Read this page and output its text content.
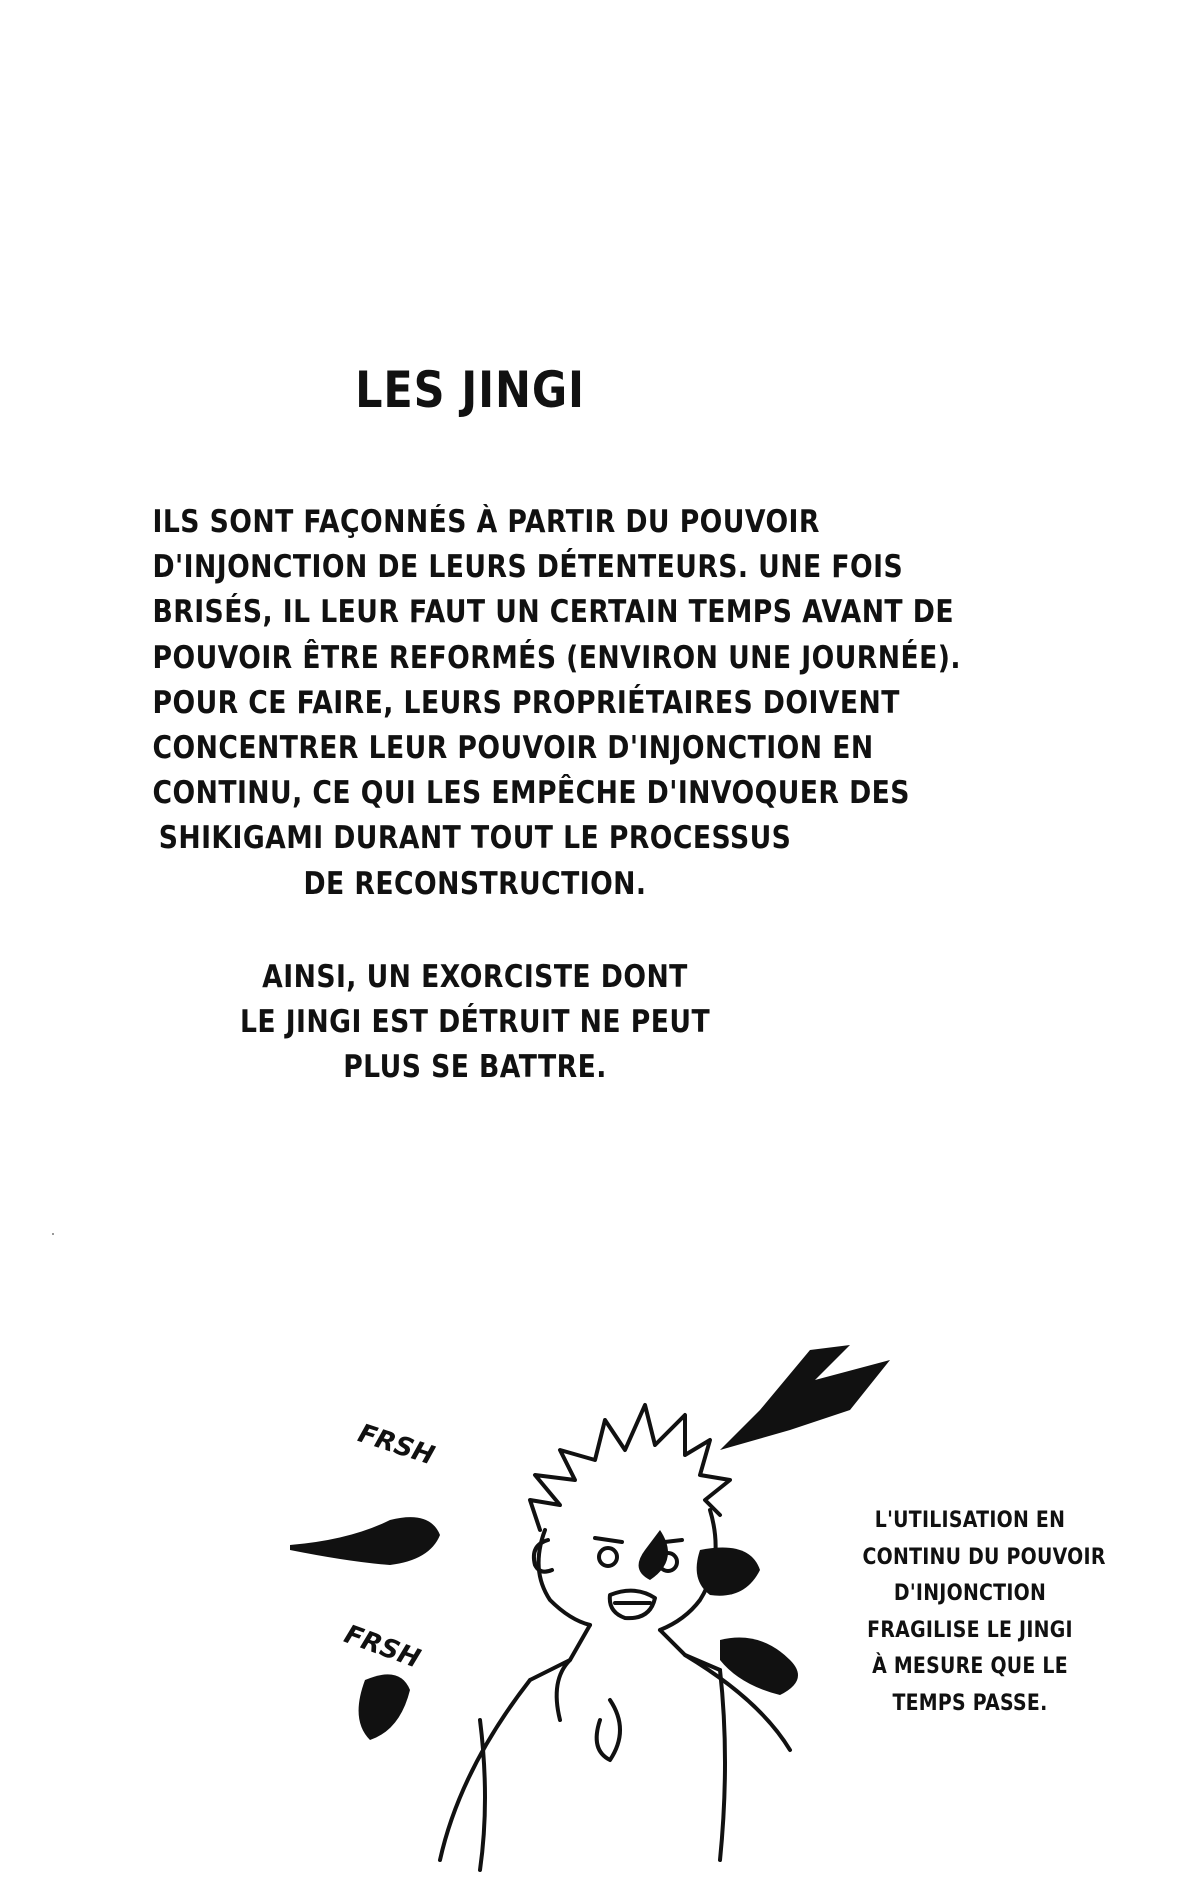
LES JINGI
ILS SONT FAÇONNÉS À PARTIR DU POUVOIR
D'INJONCTION DE LEURS DÉTENTEURS. UNE FOIS
BRISÉS, IL LEUR FAUT UN CERTAIN TEMPS AVANT DE
POUVOIR ÊTRE REFORMÉS (ENVIRON UNE JOURNÉE).
POUR CE FAIRE, LEURS PROPRIÉTAIRES DOIVENT
CONCENTRER LEUR POUVOIR D'INJONCTION EN
CONTINU, CE QUI LES EMPÊCHE D'INVOQUER DES
SHIKIGAMI DURANT TOUT LE PROCESSUS
DE RECONSTRUCTION.
AINSI, UN EXORCISTE DONT
LE JINGI EST DÉTRUIT NE PEUT
PLUS SE BATTRE.
FRSH
FRSH
L'UTILISATION EN
CONTINU DU POUVOIR
D'INJONCTION
FRAGILISE LE JINGI
À MESURE QUE LE
TEMPS PASSE.
